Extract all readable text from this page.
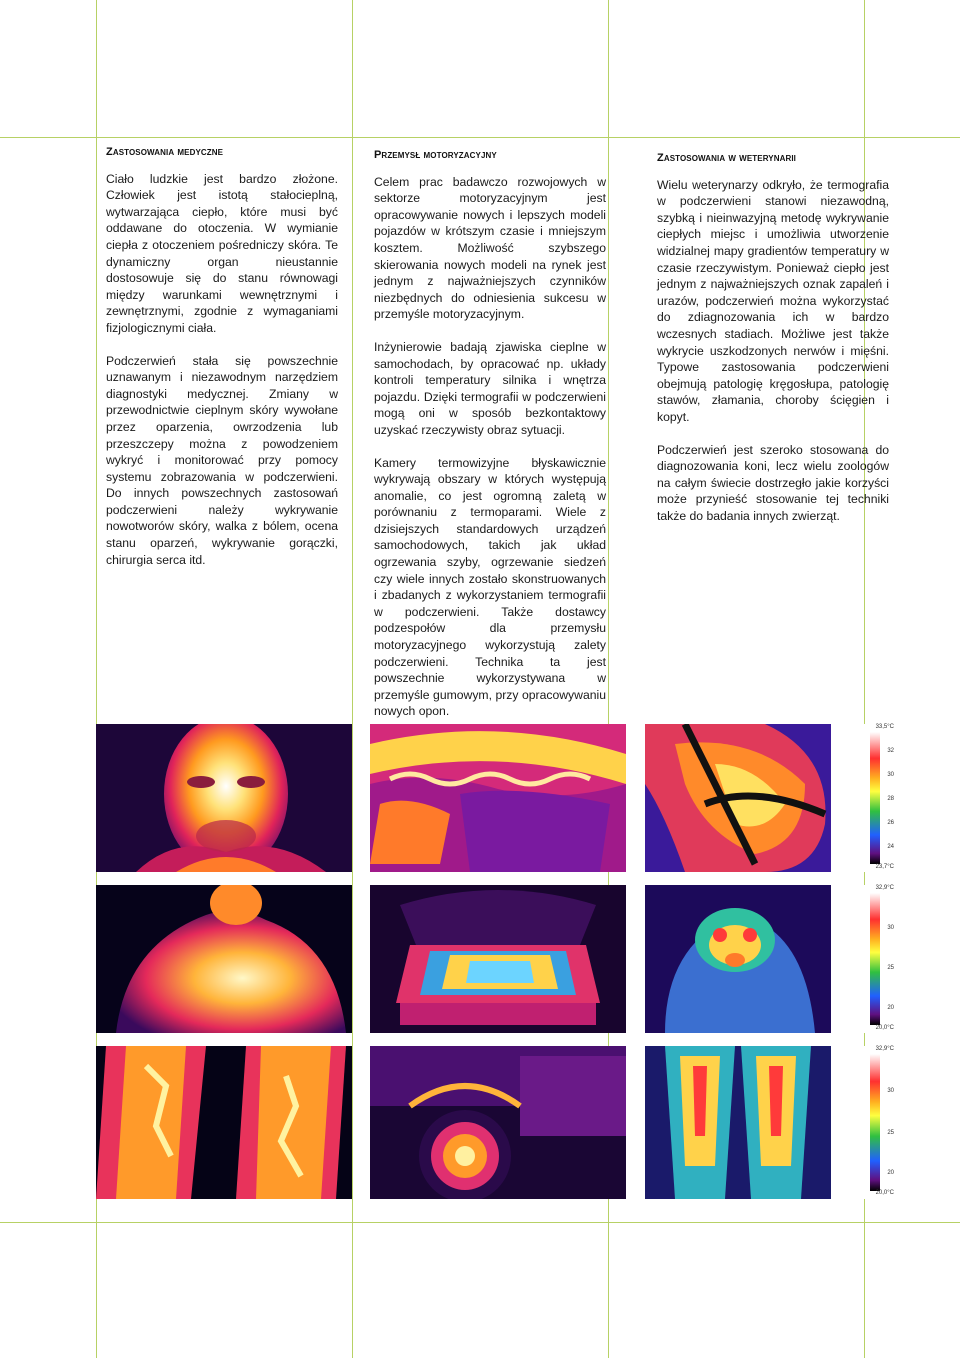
Zastosowania medyczne

Ciało ludzkie jest bardzo złożone. Człowiek jest istotą stałocieplną, wytwarzająca ciepło, które musi być oddawane do otoczenia. W wymianie ciepła z otoczeniem pośredniczy skóra. Te dynamiczny organ nieustannie dostosowuje się do stanu równowagi między warunkami wewnętrznymi i zewnętrznymi, zgodnie z wymaganiami fizjologicznymi ciała.

Podczerwień stała się powszechnie uznawanym i niezawodnym narzędziem diagnostyki medycznej. Zmiany w przewodnictwie cieplnym skóry wywołane przez oparzenia, owrzodzenia lub przeszczepy można z powodzeniem wykryć i monitorować przy pomocy systemu zobrazowania w podczerwieni. Do innych powszechnych zastosowań podczerwieni należy wykrywanie nowotworów skóry, walka z bólem, ocena stanu oparzeń, wykrywanie gorączki, chirurgia serca itd.

Przemysł motoryzacyjny

Celem prac badawczo rozwojowych w sektorze motoryzacyjnym jest opracowywanie nowych i lepszych modeli pojazdów w krótszym czasie i mniejszym kosztem. Możliwość szybszego skierowania nowych modeli na rynek jest jednym z najważniejszych czynników niezbędnych do odniesienia sukcesu w przemyśle motoryzacyjnym.

Inżynierowie badają zjawiska cieplne w samochodach, by opracować np. układy kontroli temperatury silnika i wnętrza pojazdu. Dzięki termografii w podczerwieni mogą oni w sposób bezkontaktowy uzyskać rzeczywisty obraz sytuacji.

Kamery termowizyjne błyskawicznie wykrywają obszary w których występują anomalie, co jest ogromną zaletą w porównaniu z termoparami. Wiele z dzisiejszych standardowych urządzeń samochodowych, takich jak układ ogrzewania szyby, ogrzewanie siedzeń czy wiele innych zostało skonstruowanych i zbadanych z wykorzystaniem termografii w podczerwieni. Także dostawcy podzespołów dla przemysłu motoryzacyjnego wykorzystują zalety podczerwieni. Technika ta jest powszechnie wykorzystywana w przemyśle gumowym, przy opracowywaniu nowych opon.

Zastosowania w weterynarii

Wielu weterynarzy odkryło, że termografia w podczerwieni stanowi niezawodną, szybką i nieinwazyjną metodę wykrywanie ciepłych miejsc i umożliwia utworzenie widzialnej mapy gradientów temperatury w czasie rzeczywistym. Ponieważ ciepło jest jednym z najważniejszych oznak zapaleń i urazów, podczerwień można wykorzystać do zdiagnozowania ich w bardzo wczesnych stadiach. Możliwe jest także wykrycie uszkodzonych nerwów i mięśni. Typowe zastosowania podczerwieni obejmują patologię kręgosłupa, patologię stawów, złamania, choroby ścięgien i kopyt.

Podczerwień jest szeroko stosowana do diagnozowania koni, lecz wielu zoologów na całym świecie dostrzegło jakie korzyści może przynieść stosowanie tej techniki także do badania innych zwierząt.

33,5°C
32
30
28
26
24
23,7°C
32,9°C
30
25
20
20,0°C
32,9°C
30
25
20
20,0°C
